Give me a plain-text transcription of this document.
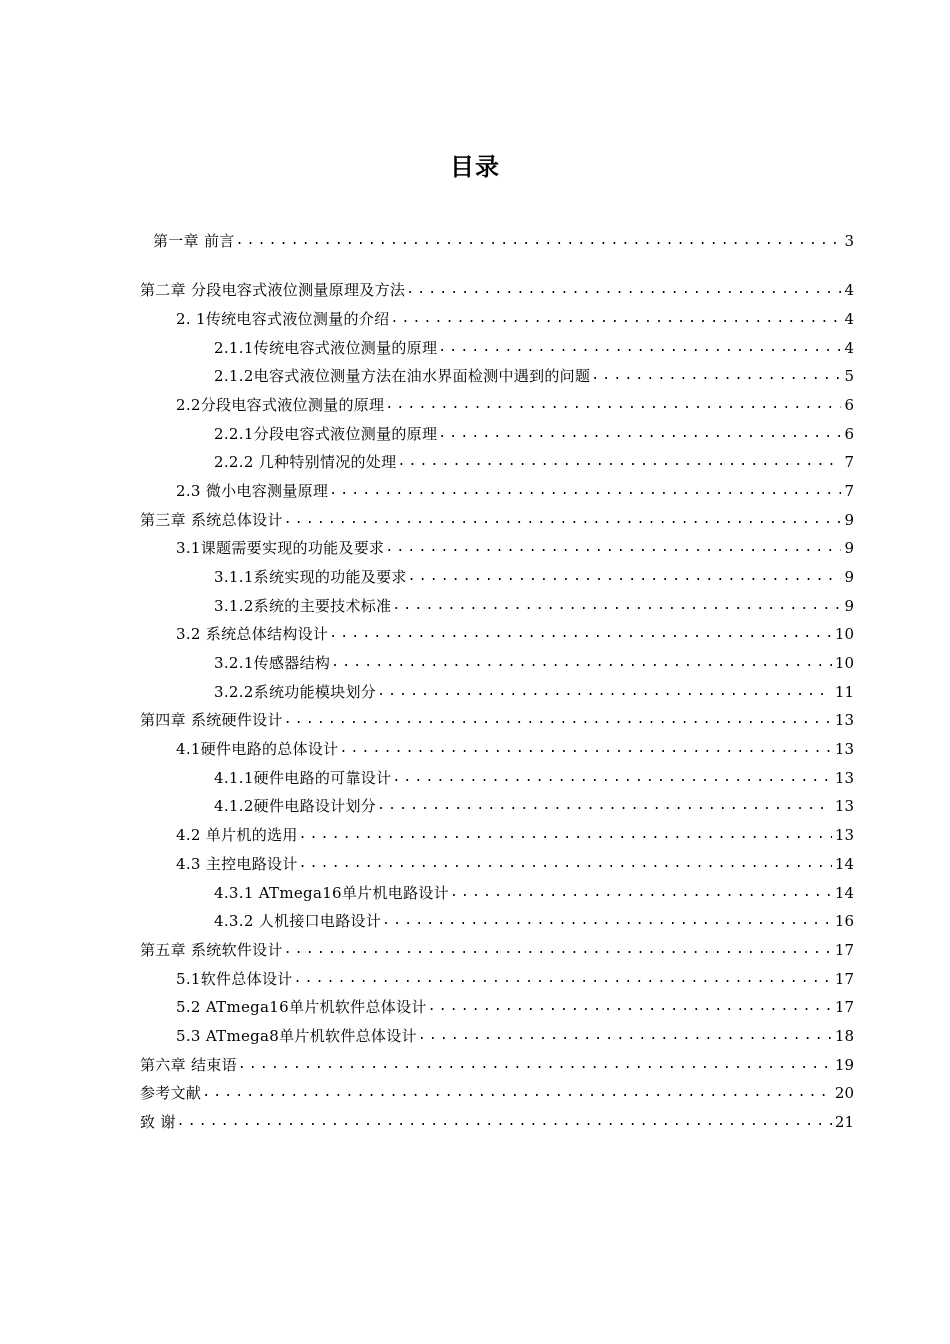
目录
第一章 前言 .....	3
第二章 分段电容式液位测量原理及方法 .....	4
2. 1传统电容式液位测量的介绍 .....	4
2.1.1传统电容式液位测量的原理 .....	4
2.1.2电容式液位测量方法在油水界面检测中遇到的问题 .....	5
2.2分段电容式液位测量的原理 .....	6
2.2.1分段电容式液位测量的原理 .....	6
2.2.2 几种特别情况的处理 .....	7
2.3 微小电容测量原理 .....	7
第三章 系统总体设计 .....	9
3.1课题需要实现的功能及要求 .....	9
3.1.1系统实现的功能及要求 .....	9
3.1.2系统的主要技术标准 .....	9
3.2 系统总体结构设计 .....	10
3.2.1传感器结构 .....	10
3.2.2系统功能模块划分 .....	11
第四章 系统硬件设计 .....	13
4.1硬件电路的总体设计 .....	13
4.1.1硬件电路的可靠设计 .....	13
4.1.2硬件电路设计划分 .....	13
4.2 单片机的选用 .....	13
4.3 主控电路设计 .....	14
4.3.1 ATmega16单片机电路设计 .....	14
4.3.2 人机接口电路设计 .....	16
第五章 系统软件设计 .....	17
5.1软件总体设计 .....	17
5.2 ATmega16单片机软件总体设计 .....	17
5.3 ATmega8单片机软件总体设计 .....	18
第六章 结束语 .....	19
参考文献 .....	20
致 谢 .....	21
